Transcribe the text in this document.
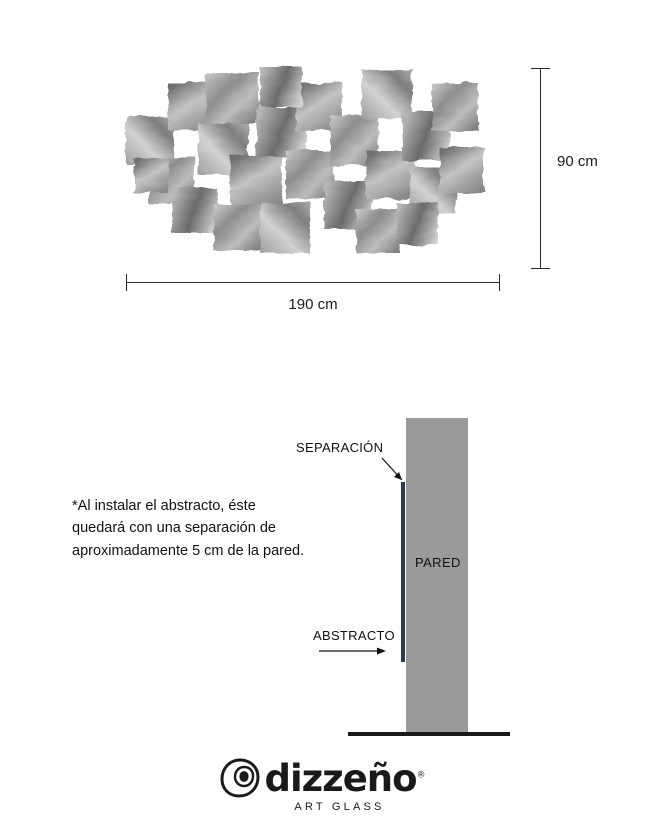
90 cm
190 cm
PARED
SEPARACIÓN
ABSTRACTO
*Al instalar el abstracto, éste
quedará con una separación de
aproximadamente 5 cm de la pared.
dizzeño®
ART GLASS
